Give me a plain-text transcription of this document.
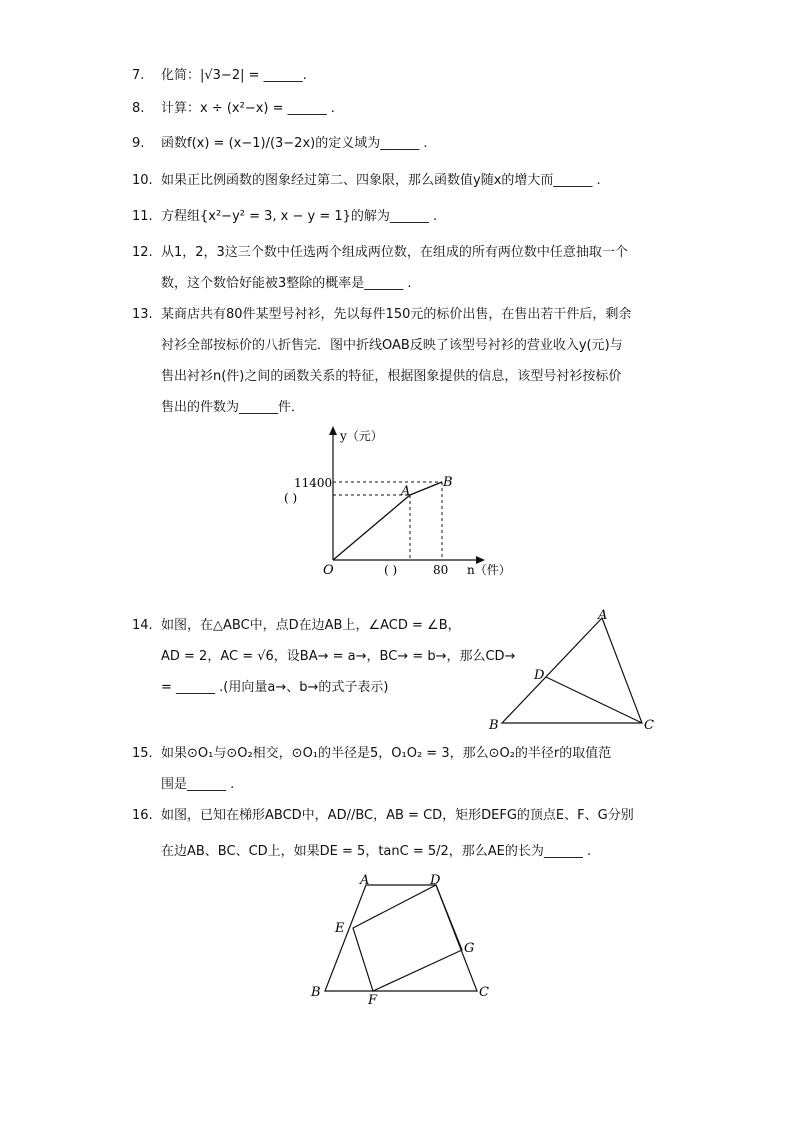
7.	化简：|√3−2| = ______.
8.	计算：x ÷ (x²−x) = ______ .
9.	函数f(x) = (x−1)/(3−2x)的定义域为______ .
10. 如果正比例函数的图象经过第二、四象限，那么函数值y随x的增大而______ .
11. 方程组{x²−y² = 3, x − y = 1}的解为______ .
12. 从1，2，3这三个数中任选两个组成两位数，在组成的所有两位数中任意抽取一个
数，这个数恰好能被3整除的概率是______ .
13. 某商店共有80件某型号衬衫，先以每件150元的标价出售，在售出若干件后，剩余
衬衫全部按标价的八折售完．图中折线OAB反映了该型号衬衫的营业收入y(元)与
售出衬衫n(件)之间的函数关系的特征，根据图象提供的信息，该型号衬衫按标价
售出的件数为______件．
y（元）
11400
( )	A
B
O	( )	80 n（件）
14. 如图，在△ABC中，点D在边AB上，∠ACD = ∠B，
AD = 2，AC = √6，设BA→ = a→，BC→ = b→，那么CD→
= ______ .(用向量a→、b→的式子表示)
A
B	C
D
15. 如果⊙O₁与⊙O₂相交，⊙O₁的半径是5，O₁O₂ = 3，那么⊙O₂的半径r的取值范
围是______ .
16. 如图，已知在梯形ABCD中，AD//BC，AB = CD，矩形DEFG的顶点E、F、G分别
在边AB、BC、CD上，如果DE = 5，tanC = 5/2，那么AE的长为______ .
A	D
E
G
B
F
C
